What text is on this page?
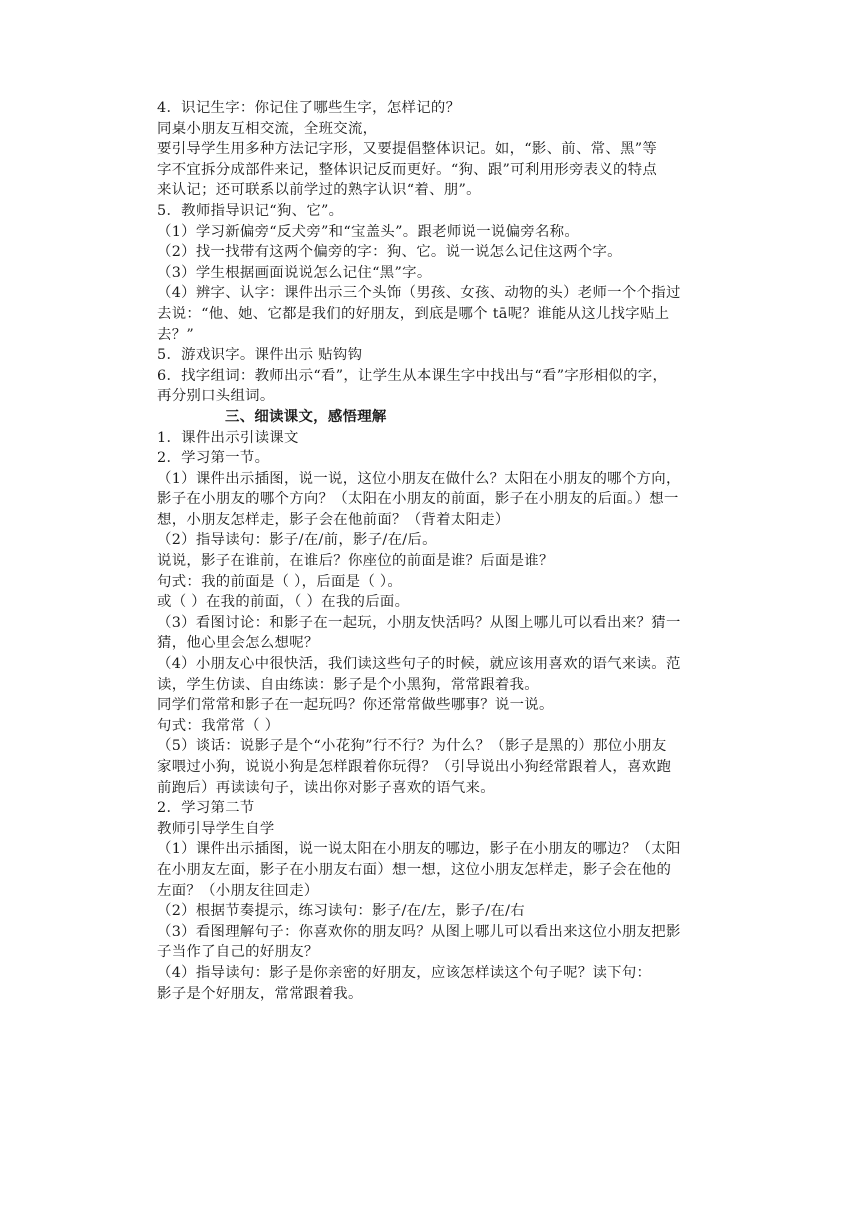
4．识记生字：你记住了哪些生字，怎样记的？
同桌小朋友互相交流，全班交流，
要引导学生用多种方法记字形，又要提倡整体识记。如，“影、前、常、黑”等
字不宜拆分成部件来记，整体识记反而更好。“狗、跟”可利用形旁表义的特点
来认记；还可联系以前学过的熟字认识“着、朋”。
5．教师指导识记“狗、它”。
（1）学习新偏旁“反犬旁”和“宝盖头”。跟老师说一说偏旁名称。
（2）找一找带有这两个偏旁的字：狗、它。说一说怎么记住这两个字。
（3）学生根据画面说说怎么记住“黑”字。
（4）辨字、认字：课件出示三个头饰（男孩、女孩、动物的头）老师一个个指过
去说：“他、她、它都是我们的好朋友，到底是哪个 tā呢？谁能从这儿找字贴上
去？”
5．游戏识字。课件出示 贴钩钩
6．找字组词：教师出示“看”，让学生从本课生字中找出与“看”字形相似的字，
再分别口头组词。
三、细读课文，感悟理解
1．课件出示引读课文
2．学习第一节。
（1）课件出示插图，说一说，这位小朋友在做什么？太阳在小朋友的哪个方向，
影子在小朋友的哪个方向？（太阳在小朋友的前面，影子在小朋友的后面。）想一
想，小朋友怎样走，影子会在他前面？（背着太阳走）
（2）指导读句：影子/在/前，影子/在/后。
说说，影子在谁前，在谁后？你座位的前面是谁？后面是谁？
句式：我的前面是（ ），后面是（ ）。
或（ ）在我的前面，（ ）在我的后面。
（3）看图讨论：和影子在一起玩，小朋友快活吗？从图上哪儿可以看出来？猜一
猜，他心里会怎么想呢？
（4）小朋友心中很快活，我们读这些句子的时候，就应该用喜欢的语气来读。范
读，学生仿读、自由练读：影子是个小黑狗，常常跟着我。
同学们常常和影子在一起玩吗？你还常常做些哪事？说一说。
句式：我常常（ ）
（5）谈话：说影子是个“小花狗”行不行？为什么？（影子是黑的）那位小朋友
家喂过小狗，说说小狗是怎样跟着你玩得？（引导说出小狗经常跟着人，喜欢跑
前跑后）再读读句子，读出你对影子喜欢的语气来。
2．学习第二节
教师引导学生自学
（1）课件出示插图，说一说太阳在小朋友的哪边，影子在小朋友的哪边？（太阳
在小朋友左面，影子在小朋友右面）想一想，这位小朋友怎样走，影子会在他的
左面？（小朋友往回走）
（2）根据节奏提示，练习读句：影子/在/左，影子/在/右
（3）看图理解句子：你喜欢你的朋友吗？从图上哪儿可以看出来这位小朋友把影
子当作了自己的好朋友？
（4）指导读句：影子是你亲密的好朋友，应该怎样读这个句子呢？读下句：
影子是个好朋友，常常跟着我。
